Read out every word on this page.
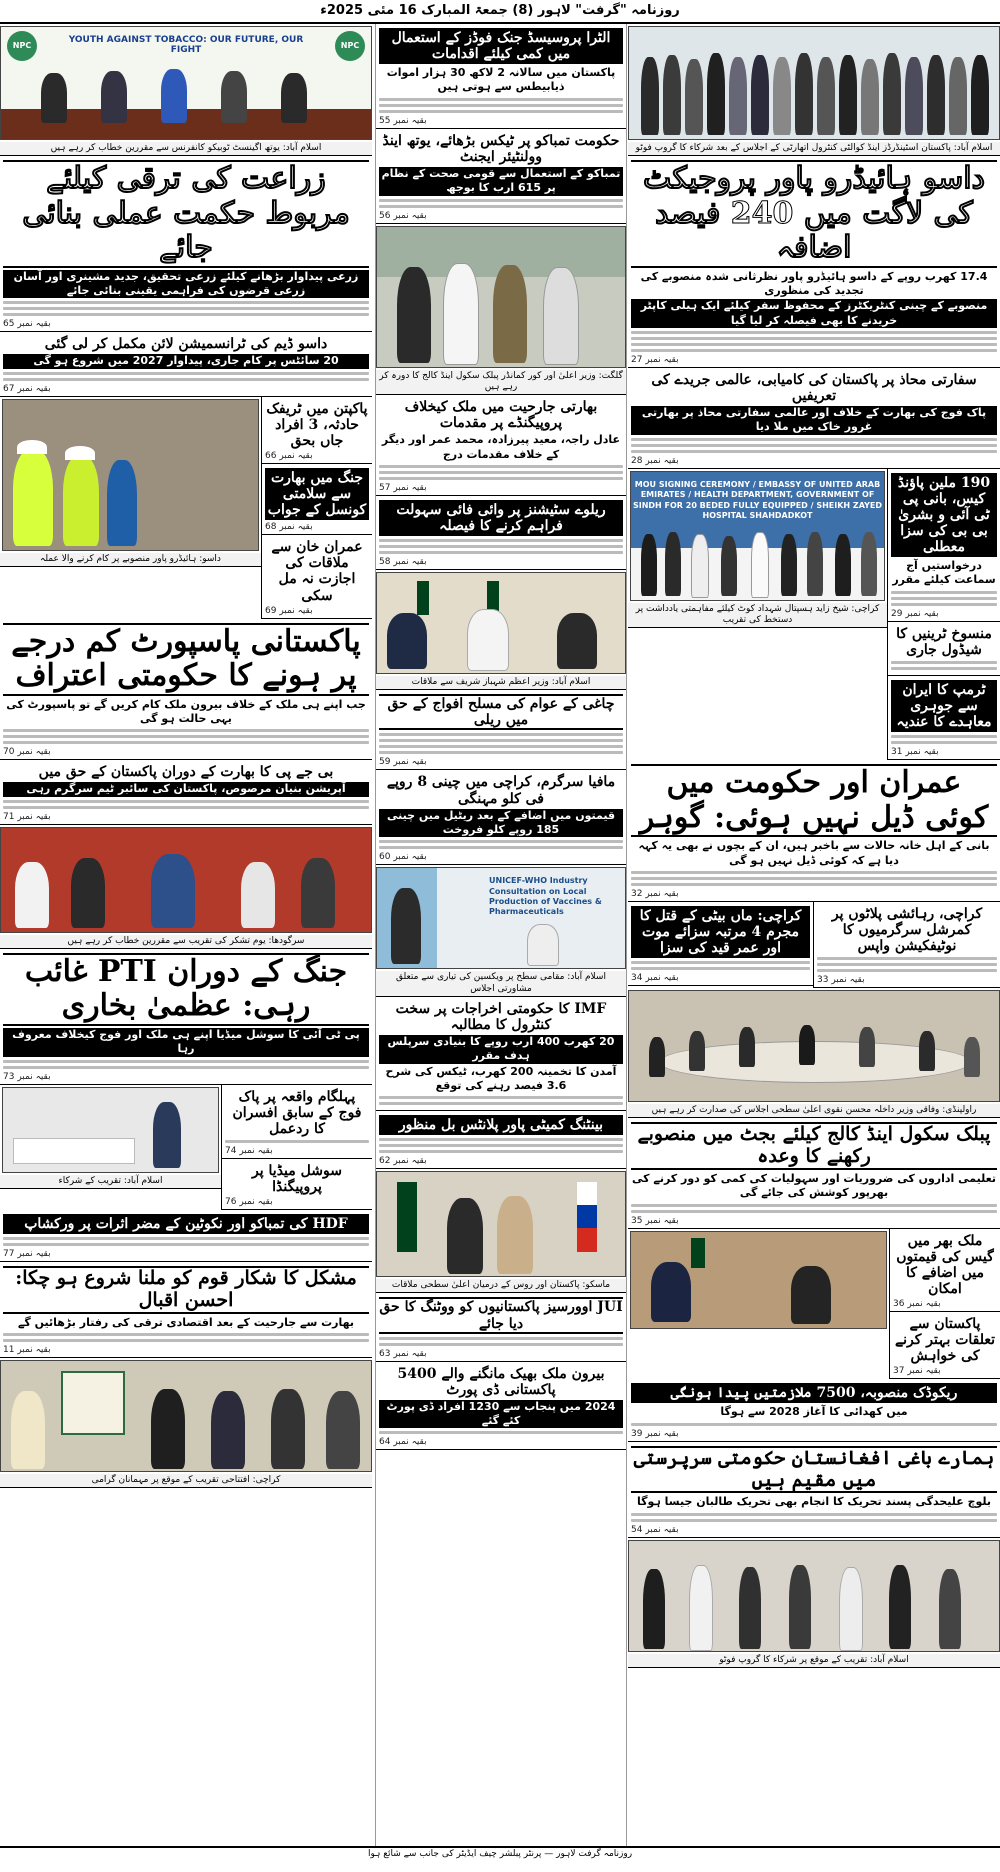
روزنامہ "گرفت" لاہور (8) جمعۃ المبارک 16 مئی 2025ء
اسلام آباد: پاکستان اسٹینڈرڈز اینڈ کوالٹی کنٹرول اتھارٹی کے اجلاس کے بعد شرکاء کا گروپ فوٹو
داسو ہائیڈرو پاور پروجیکٹ کی لاگت میں 240 فیصد اضافہ
17.4 کھرب روپے کے داسو ہائیڈرو پاور نظرثانی شدہ منصوبے کی تجدید کی منظوری
منصوبے کے چینی کنٹریکٹرز کے محفوظ سفر کیلئے ایک ہیلی کاپٹر خریدنے کا بھی فیصلہ کر لیا گیا
بقیہ نمبر 27
سفارتی محاذ پر پاکستان کی کامیابی، عالمی جریدے کی تعریفیں
پاک فوج کی بھارت کے خلاف اور عالمی سفارتی محاذ پر بھارتی غرور خاک میں ملا دیا
بقیہ نمبر 28
190 ملین پاؤنڈ کیس، بانی پی ٹی آئی و بشریٰ بی بی کی سزا معطلی
درخواستیں آج سماعت کیلئے مقرر
بقیہ نمبر 29
منسوخ ٹرینیں کا شیڈول جاری
ٹرمپ کا ایران سے جوہری معاہدے کا عندیہ
بقیہ نمبر 31
MOU SIGNING CEREMONY / EMBASSY OF UNITED ARAB EMIRATES / HEALTH DEPARTMENT, GOVERNMENT OF SINDH FOR 20 BEDED FULLY EQUIPPED / SHEIKH ZAYED HOSPITAL SHAHDADKOT
کراچی: شیخ زاید ہسپتال شہداد کوٹ کیلئے مفاہمتی یادداشت پر دستخط کی تقریب
عمران اور حکومت میں کوئی ڈیل نہیں ہوئی: گوہر
بانی کے اہل خانہ حالات سے باخبر ہیں، ان کے بچوں نے بھی یہ کہہ دیا ہے کہ کوئی ڈیل نہیں ہو گی
بقیہ نمبر 32
کراچی، رہائشی پلاٹوں پر کمرشل سرگرمیوں کا نوٹیفکیشن واپس
بقیہ نمبر 33
کراچی: ماں بیٹی کے قتل کا مجرم 4 مرتبہ سزائے موت اور عمر قید کی سزا
بقیہ نمبر 34
راولپنڈی: وفاقی وزیر داخلہ محسن نقوی اعلیٰ سطحی اجلاس کی صدارت کر رہے ہیں
پبلک سکول اینڈ کالج کیلئے بجٹ میں منصوبے رکھنے کا وعدہ
تعلیمی اداروں کی ضروریات اور سہولیات کی کمی کو دور کرنے کی بھرپور کوشش کی جائے گی
بقیہ نمبر 35
ملک بھر میں گیس کی قیمتوں میں اضافے کا امکان
بقیہ نمبر 36
پاکستان سے تعلقات بہتر کرنے کی خواہش
بقیہ نمبر 37
ریکوڈک منصوبہ، 7500 ملازمتیں پیدا ہونگی
میں کھدائی کا آغاز 2028 سے ہوگا
بقیہ نمبر 39
ہمارے باغی افغانستان حکومتی سرپرستی میں مقیم ہیں
بلوچ علیحدگی پسند تحریک کا انجام بھی تحریک طالبان جیسا ہوگا
بقیہ نمبر 54
اسلام آباد: تقریب کے موقع پر شرکاء کا گروپ فوٹو
الٹرا پروسیسڈ جنک فوڈز کے استعمال میں کمی کیلئے اقدامات
پاکستان میں سالانہ 2 لاکھ 30 ہزار اموات ذیابیطس سے ہوتی ہیں
بقیہ نمبر 55
حکومت تمباکو پر ٹیکس بڑھائے، یوتھ اینڈ وولنٹیئر ایجنٹ
تمباکو کے استعمال سے قومی صحت کے نظام پر 615 ارب کا بوجھ
بقیہ نمبر 56
گلگت: وزیر اعلیٰ اور کور کمانڈر پبلک سکول اینڈ کالج کا دورہ کر رہے ہیں
بھارتی جارحیت میں ملک کیخلاف پروپیگنڈے پر مقدمات
عادل راجہ، معید پیرزادہ، محمد عمر اور دیگر کے خلاف مقدمات درج
بقیہ نمبر 57
ریلوے سٹیشنز پر وائی فائی سہولت فراہم کرنے کا فیصلہ
بقیہ نمبر 58
اسلام آباد: وزیر اعظم شہباز شریف سے ملاقات
چاغی کے عوام کی مسلح افواج کے حق میں ریلی
بقیہ نمبر 59
مافیا سرگرم، کراچی میں چینی 8 روپے فی کلو مہنگی
قیمتوں میں اضافے کے بعد ریٹیل میں چینی 185 روپے کلو فروخت
بقیہ نمبر 60
UNICEF-WHO Industry Consultation on Local Production of Vaccines & Pharmaceuticals
اسلام آباد: مقامی سطح پر ویکسین کی تیاری سے متعلق مشاورتی اجلاس
IMF کا حکومتی اخراجات پر سخت کنٹرول کا مطالبہ
20 کھرب 400 ارب روپے کا بنیادی سرپلس ہدف مقرر
آمدن کا تخمینہ 200 کھرب، ٹیکس کی شرح 3.6 فیصد رہنے کی توقع
بینٹنگ کمیٹی پاور پلانٹس بل منظور
بقیہ نمبر 62
ماسکو: پاکستان اور روس کے درمیان اعلیٰ سطحی ملاقات
JUI اوورسیز پاکستانیوں کو ووٹنگ کا حق دیا جائے
بقیہ نمبر 63
بیرون ملک بھیک مانگنے والے 5400 پاکستانی ڈی پورٹ
2024 میں پنجاب سے 1230 افراد ڈی پورٹ کئے گئے
بقیہ نمبر 64
YOUTH AGAINST TOBACCO: OUR FUTURE, OUR FIGHT
NPC	NPC
اسلام آباد: یوتھ اگینسٹ ٹوبیکو کانفرنس سے مقررین خطاب کر رہے ہیں
زراعت کی ترقی کیلئے مربوط حکمت عملی بنائی جائے
زرعی پیداوار بڑھانے کیلئے زرعی تحقیق، جدید مشینری اور آسان زرعی قرضوں کی فراہمی یقینی بنائی جائے
بقیہ نمبر 65
داسو ڈیم کی ٹرانسمیشن لائن مکمل کر لی گئی
20 سائٹس پر کام جاری، پیداوار 2027 میں شروع ہو گی
بقیہ نمبر 67
پاکپتن میں ٹریفک حادثہ، 3 افراد جاں بحق
بقیہ نمبر 66
جنگ میں بھارت سے سلامتی کونسل کے جواب
بقیہ نمبر 68
عمران خان سے ملاقات کی اجازت نہ مل سکی
بقیہ نمبر 69
داسو: ہائیڈرو پاور منصوبے پر کام کرنے والا عملہ
پاکستانی پاسپورٹ کم درجے پر ہونے کا حکومتی اعتراف
جب اپنے ہی ملک کے خلاف بیرون ملک کام کریں گے تو پاسپورٹ کی یہی حالت ہو گی
بقیہ نمبر 70
بی جے پی کا بھارت کے دوران پاکستان کے حق میں
آپریشن بنیان مرصوص، پاکستان کی سائبر ٹیم سرگرم رہی
بقیہ نمبر 71
سرگودھا: یوم تشکر کی تقریب سے مقررین خطاب کر رہے ہیں
جنگ کے دوران PTI غائب رہی: عظمیٰ بخاری
پی ٹی آئی کا سوشل میڈیا اپنے ہی ملک اور فوج کیخلاف معروف رہا
بقیہ نمبر 73
پہلگام واقعہ پر پاک فوج کے سابق افسران کا ردعمل
بقیہ نمبر 74
سوشل میڈیا پر پروپیگنڈا
بقیہ نمبر 76
اسلام آباد: تقریب کے شرکاء
HDF کی تمباکو اور نکوٹین کے مضر اثرات پر ورکشاپ
بقیہ نمبر 77
مشکل کا شکار قوم کو ملنا شروع ہو چکا: احسن اقبال
بھارت سے جارحیت کے بعد اقتصادی ترقی کی رفتار بڑھائیں گے
بقیہ نمبر 11
کراچی: افتتاحی تقریب کے موقع پر مہمانان گرامی
روزنامہ گرفت لاہور — پرنٹر پبلشر چیف ایڈیٹر کی جانب سے شائع ہوا
